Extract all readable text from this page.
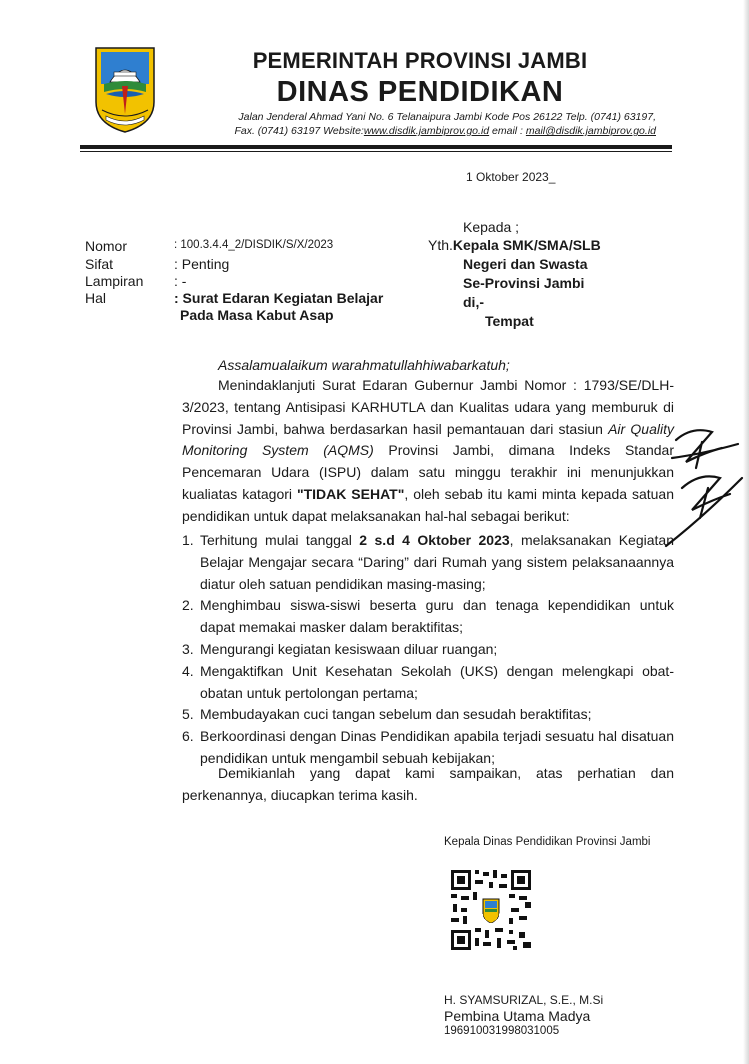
PEMERINTAH PROVINSI JAMBI
DINAS PENDIDIKAN
Jalan Jenderal Ahmad Yani No. 6 Telanaipura Jambi Kode Pos 26122 Telp. (0741) 63197,
Fax. (0741) 63197 Website:www.disdik.jambiprov.go.id email : mail@disdik.jambiprov.go.id
1 Oktober 2023_
Kepada ;
Yth.Kepala SMK/SMA/SLB
Negeri dan Swasta
Se-Provinsi Jambi
di,-
Tempat
Nomor	: 100.3.4.4_2/DISDIK/S/X/2023
Sifat	: Penting
Lampiran : -
Hal	: Surat Edaran Kegiatan Belajar
Pada Masa Kabut Asap
Assalamualaikum warahmatullahhiwabarkatuh;
Menindaklanjuti Surat Edaran Gubernur Jambi Nomor : 1793/SE/DLH-3/2023, tentang Antisipasi KARHUTLA dan Kualitas udara yang memburuk di Provinsi Jambi, bahwa berdasarkan hasil pemantauan dari stasiun Air Quality Monitoring System (AQMS) Provinsi Jambi, dimana Indeks Standar Pencemaran Udara (ISPU) dalam satu minggu terakhir ini menunjukkan kualiatas katagori "TIDAK SEHAT", oleh sebab itu kami minta kepada satuan pendidikan untuk dapat melaksanakan hal-hal sebagai berikut:
1. Terhitung mulai tanggal 2 s.d 4 Oktober 2023, melaksanakan Kegiatan Belajar Mengajar secara “Daring” dari Rumah yang sistem pelaksanaannya diatur oleh satuan pendidikan masing-masing;
2. Menghimbau siswa-siswi beserta guru dan tenaga kependidikan untuk dapat memakai masker dalam beraktifitas;
3. Mengurangi kegiatan kesiswaan diluar ruangan;
4. Mengaktifkan Unit Kesehatan Sekolah (UKS) dengan melengkapi obat-obatan untuk pertolongan pertama;
5. Membudayakan cuci tangan sebelum dan sesudah beraktifitas;
6. Berkoordinasi dengan Dinas Pendidikan apabila terjadi sesuatu hal disatuan pendidikan untuk mengambil sebuah kebijakan;
Demikianlah yang dapat kami sampaikan, atas perhatian dan perkenannya, diucapkan terima kasih.
Kepala Dinas Pendidikan Provinsi Jambi
H. SYAMSURIZAL, S.E., M.Si
Pembina Utama Madya
196910031998031005
